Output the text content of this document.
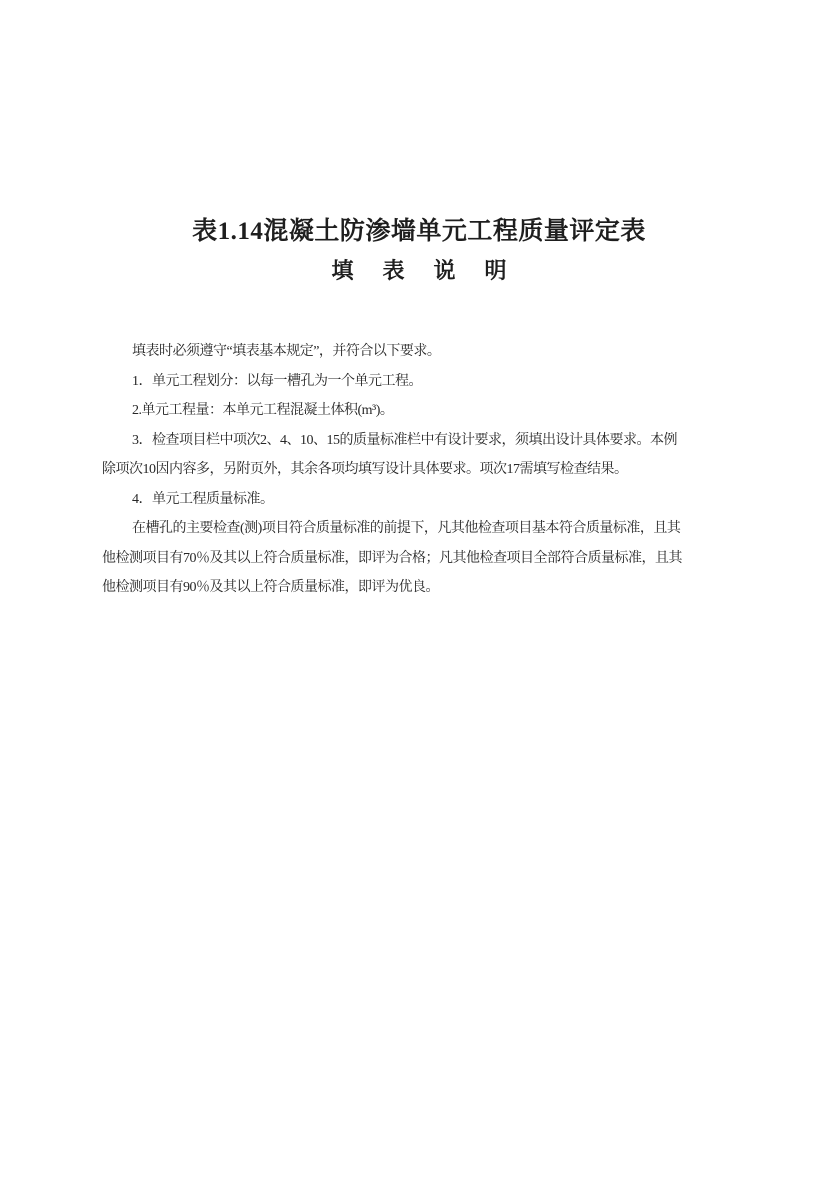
表1.14混凝土防渗墙单元工程质量评定表
填表说明
填表时必须遵守“填表基本规定”，并符合以下要求。
1．单元工程划分：以每一槽孔为一个单元工程。
2.单元工程量：本单元工程混凝土体积(m³)。
3．检查项目栏中项次2、4、10、15的质量标准栏中有设计要求，须填出设计具体要求。本例
除项次10因内容多，另附页外，其余各项均填写设计具体要求。项次17需填写检查结果。
4．单元工程质量标准。
在槽孔的主要检查(测)项目符合质量标准的前提下，凡其他检查项目基本符合质量标准，且其
他检测项目有70％及其以上符合质量标准，即评为合格；凡其他检查项目全部符合质量标准，且其
他检测项目有90％及其以上符合质量标准，即评为优良。
